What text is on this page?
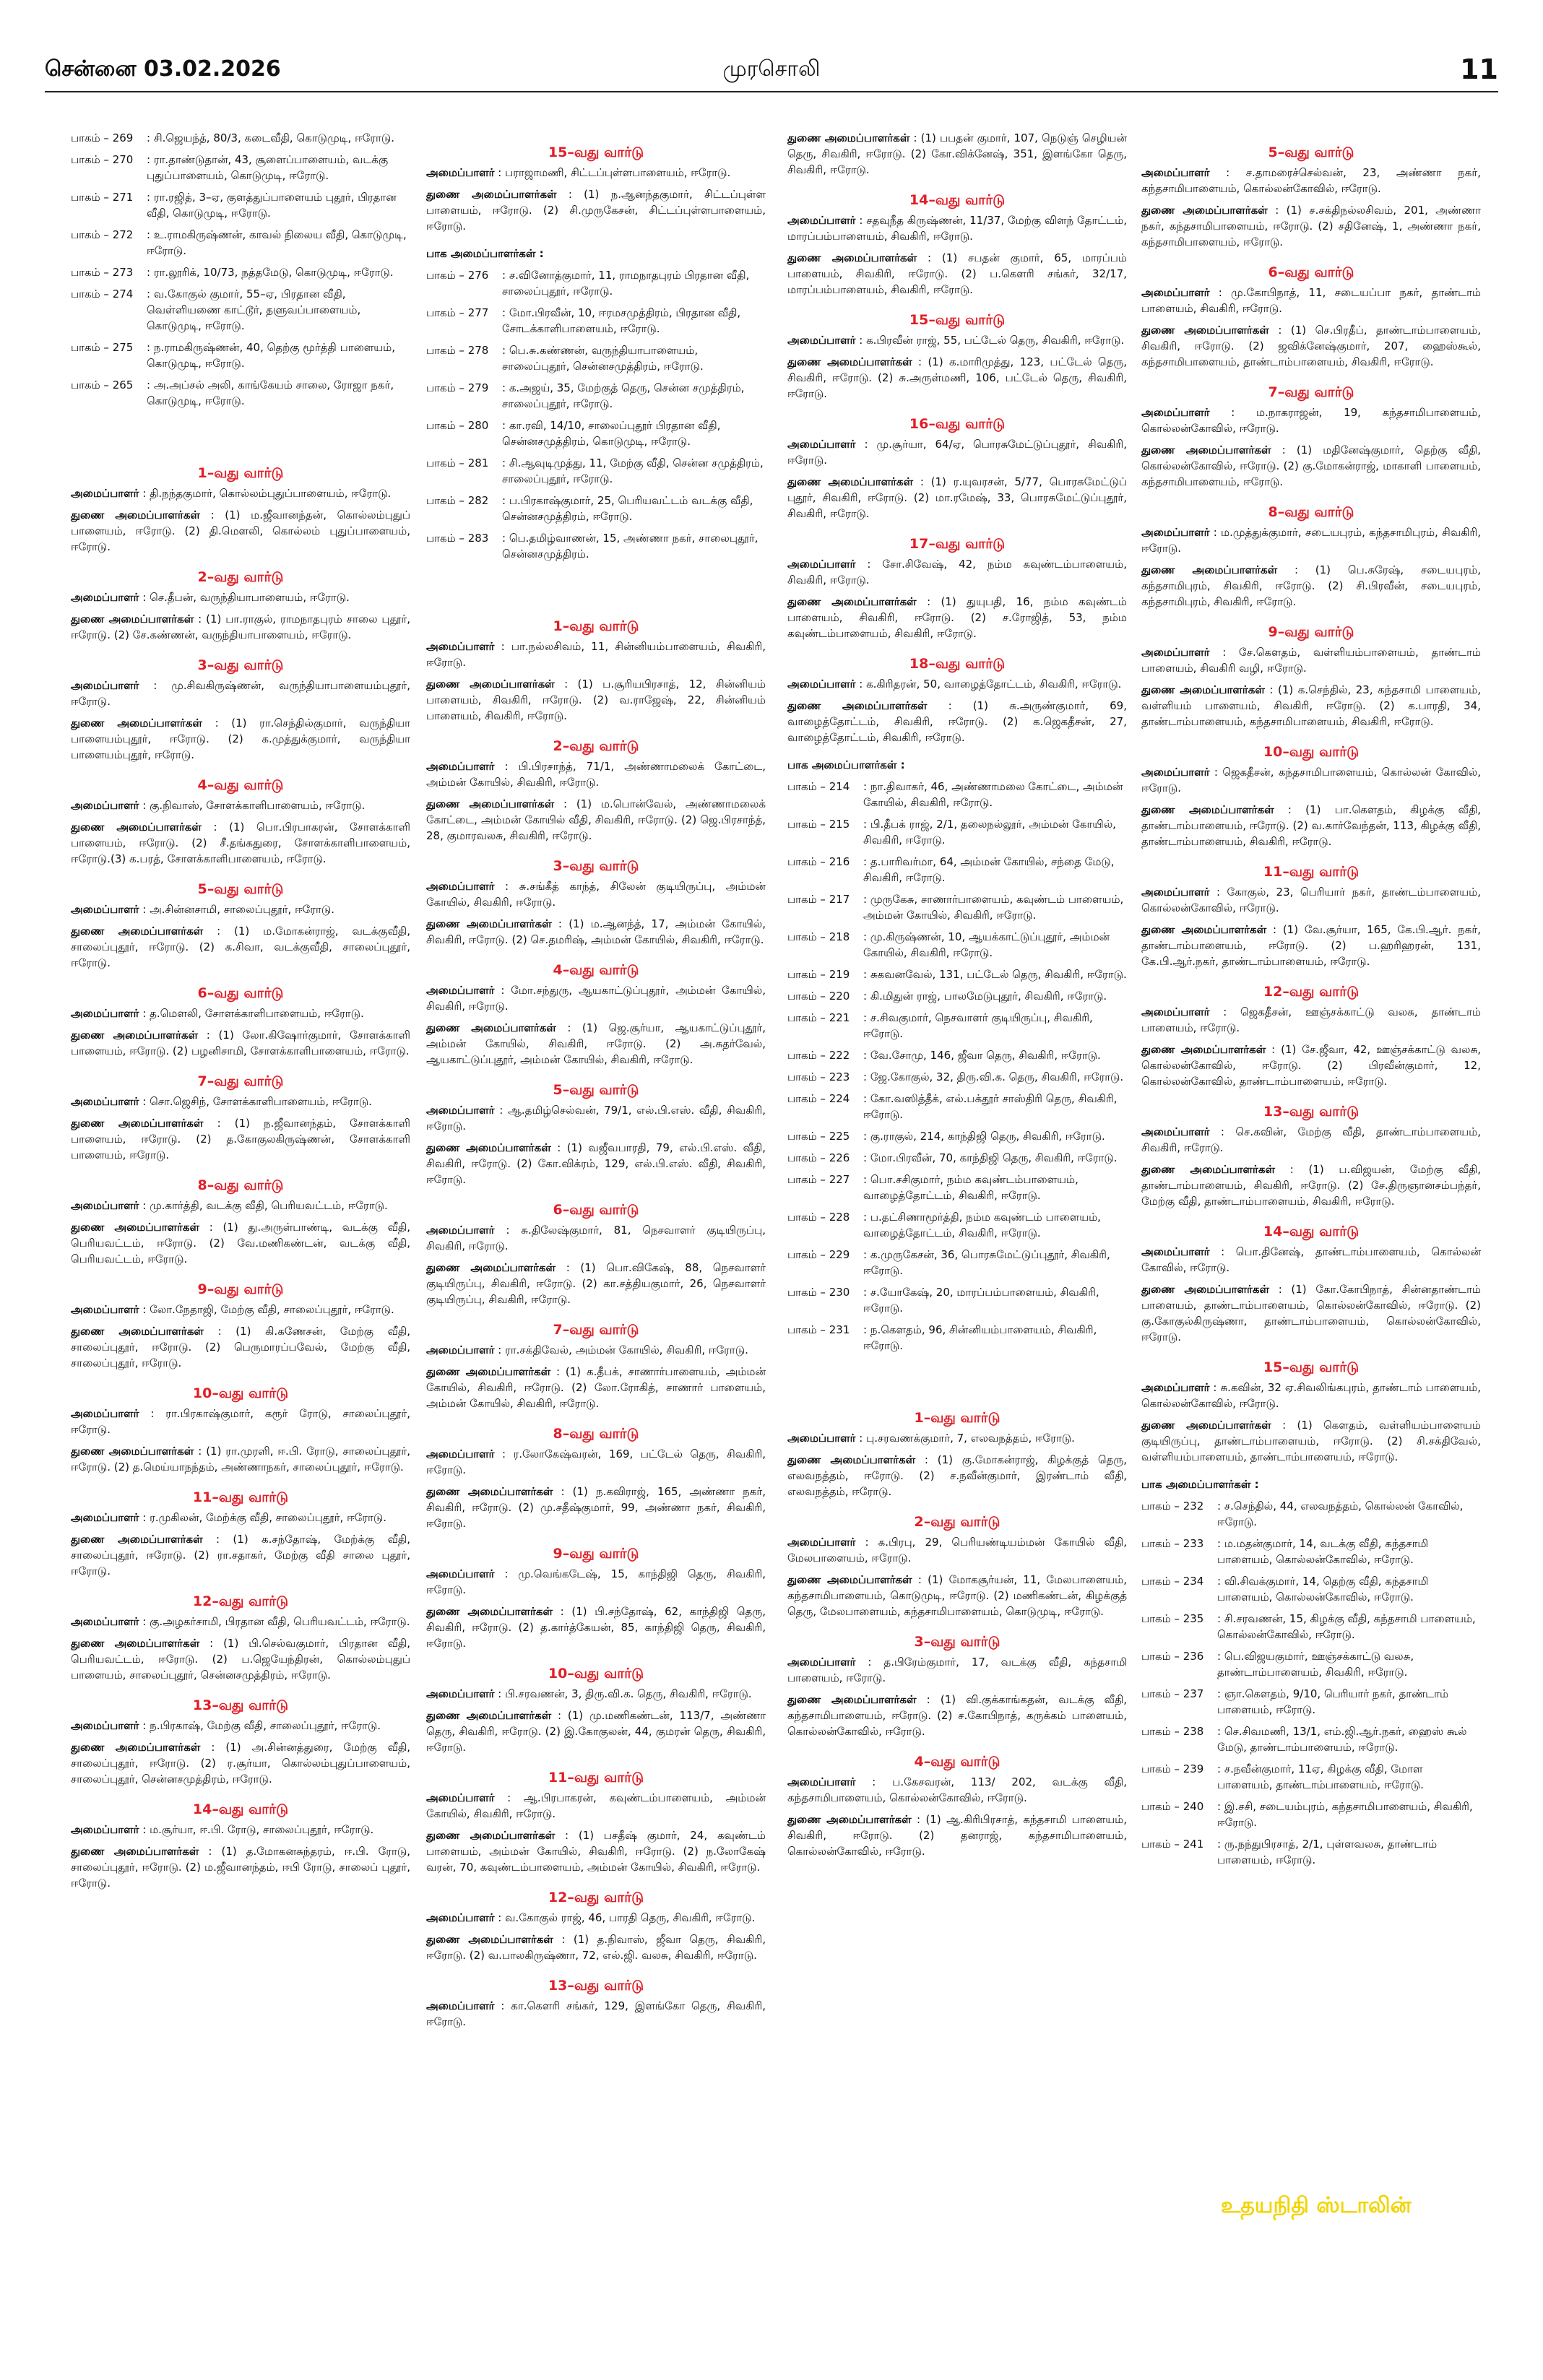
சென்னை 03.02.2026	முரசொலி	11
பாகம் – 269	: சி.ஜெயந்த், 80/3, கடைவீதி, கொடுமுடி, ஈரோடு.
பாகம் – 270	: ரா.தாண்டுதான், 43, சூளைப்பாளையம், வடக்கு புதுப்பாளையம், கொடுமுடி, ஈரோடு.
பாகம் – 271	: ரா.ரஜித், 3–ஏ, குளத்துப்பாளையம் புதூர், பிரதான வீதி, கொடுமுடி, ஈரோடு.
பாகம் – 272	: உ.ராமகிருஷ்ணன், காவல் நிலைய வீதி, கொடுமுடி, ஈரோடு.
பாகம் – 273	: ரா.லூரிக், 10/73, நத்தமேடு, கொடுமுடி, ஈரோடு.
பாகம் – 274	: வ.கோகுல் குமார், 55–ஏ, பிரதான வீதி, வெள்ளியணை காட்டூர், தளுவப்பாளையம், கொடுமுடி, ஈரோடு.
பாகம் – 275	: ந.ராமகிருஷ்ணன், 40, தெற்கு மூர்த்தி பாளையம், கொடுமுடி, ஈரோடு.
பாகம் – 265	: அ.அப்சல் அலி, காங்கேயம் சாலை, ரோஜா நகர், கொடுமுடி, ஈரோடு.
1–வது வார்டு

அமைப்பாளர் : தி.நந்தகுமார், கொல்லம்புதுப்பாளையம், ஈரோடு.

துணை அமைப்பாளர்கள் : (1) ம.ஜீவானந்தன், கொல்லம்புதுப் பாளையம், ஈரோடு. (2) தி.மௌலி, கொல்லம் புதுப்பாளையம், ஈரோடு.

2–வது வார்டு

அமைப்பாளர் : செ.தீபன், வருந்தியாபாளையம், ஈரோடு.

துணை அமைப்பாளர்கள் : (1) பா.ராகுல், ராமநாதபுரம் சாலை புதூர், ஈரோடு. (2) சே.கண்ணன், வருந்தியாபாளையம், ஈரோடு.

3–வது வார்டு

அமைப்பாளர் : மு.சிவகிருஷ்ணன், வருந்தியாபாளையம்புதூர், ஈரோடு.

துணை அமைப்பாளர்கள் : (1) ரா.செந்தில்குமார், வருந்தியா பாளையம்புதூர், ஈரோடு. (2) க.முத்துக்குமார், வருந்தியா பாளையம்புதூர், ஈரோடு.

4–வது வார்டு

அமைப்பாளர் : கு.நிவாஸ், சோளக்காளிபாளையம், ஈரோடு.

துணை அமைப்பாளர்கள் : (1) பொ.பிரபாகரன், சோளக்காளி பாளையம், ஈரோடு. (2) சீ.தங்கதுரை, சோளக்காளிபாளையம், ஈரோடு.(3) க.பரத், சோளக்காளிபாளையம், ஈரோடு.

5–வது வார்டு

அமைப்பாளர் : அ.சின்னசாமி, சாலைப்புதூர், ஈரோடு.

துணை அமைப்பாளர்கள் : (1) ம.மோகன்ராஜ், வடக்குவீதி, சாலைப்புதூர், ஈரோடு. (2) க.சிவா, வடக்குவீதி, சாலைப்புதூர், ஈரோடு.

6–வது வார்டு

அமைப்பாளர் : த.மௌலி, சோளக்காளிபாளையம், ஈரோடு.

துணை அமைப்பாளர்கள் : (1) லோ.கிஷோர்குமார், சோளக்காளி பாளையம், ஈரோடு. (2) பழனிசாமி, சோளக்காளிபாளையம், ஈரோடு.

7–வது வார்டு

அமைப்பாளர் : சொ.ஜெசிந், சோளக்காளிபாளையம், ஈரோடு.

துணை அமைப்பாளர்கள் : (1) ந.ஜீவானந்தம், சோளக்காளி பாளையம், ஈரோடு. (2) த.கோகுலகிருஷ்ணன், சோளக்காளி பாளையம், ஈரோடு.

8–வது வார்டு

அமைப்பாளர் : மு.கார்த்தி, வடக்கு வீதி, பெரியவட்டம், ஈரோடு.

துணை அமைப்பாளர்கள் : (1) து.அருள்பாண்டி, வடக்கு வீதி, பெரியவட்டம், ஈரோடு. (2) வே.மணிகண்டன், வடக்கு வீதி, பெரியவட்டம், ஈரோடு.

9–வது வார்டு

அமைப்பாளர் : லோ.நேதாஜி, மேற்கு வீதி, சாலைப்புதூர், ஈரோடு.

துணை அமைப்பாளர்கள் : (1) கி.கணேசன், மேற்கு வீதி, சாலைப்புதூர், ஈரோடு. (2) பெருமாரப்பவேல், மேற்கு வீதி, சாலைப்புதூர், ஈரோடு.

10–வது வார்டு

அமைப்பாளர் : ரா.பிரகாஷ்குமார், கரூர் ரோடு, சாலைப்புதூர், ஈரோடு.

துணை அமைப்பாளர்கள் : (1) ரா.முரளி, ஈ.பி. ரோடு, சாலைப்புதூர், ஈரோடு. (2) த.மெய்யாநந்தம், அண்ணாநகர், சாலைப்புதூர், ஈரோடு.

11–வது வார்டு

அமைப்பாளர் : ர.முகிலன், மேற்க்கு வீதி, சாலைப்புதூர், ஈரோடு.

துணை அமைப்பாளர்கள் : (1) க.சந்தோஷ், மேற்க்கு வீதி, சாலைப்புதூர், ஈரோடு. (2) ரா.சதாகர், மேற்கு வீதி சாலை புதூர், ஈரோடு.

12–வது வார்டு

அமைப்பாளர் : கு.அழகர்சாமி, பிரதான வீதி, பெரியவட்டம், ஈரோடு.

துணை அமைப்பாளர்கள் : (1) பி.செல்வகுமார், பிரதான வீதி, பெரியவட்டம், ஈரோடு. (2) ப.ஜெயேந்திரன், கொல்லம்புதுப் பாளையம், சாலைப்புதூர், சென்னசமுத்திரம், ஈரோடு.

13–வது வார்டு

அமைப்பாளர் : ந.பிரகாஷ், மேற்கு வீதி, சாலைப்புதூர், ஈரோடு.

துணை அமைப்பாளர்கள் : (1) அ.சின்னத்துரை, மேற்கு வீதி, சாலைப்புதூர், ஈரோடு. (2) ர.சூர்யா, கொல்லம்புதுப்பாளையம், சாலைப்புதூர், சென்னசமுத்திரம், ஈரோடு.

14–வது வார்டு

அமைப்பாளர் : ம.சூர்யா, ஈ.பி. ரோடு, சாலைப்புதூர், ஈரோடு.

துணை அமைப்பாளர்கள் : (1) த.மோகனசுந்தரம், ஈ.பி. ரோடு, சாலைப்புதூர், ஈரோடு. (2) ம.ஜீவானந்தம், ஈபி ரோடு, சாலைப் புதூர், ஈரோடு.

15–வது வார்டு

அமைப்பாளர் : பராஜாமணி, சிட்டப்புள்ளபாளையம், ஈரோடு.

துணை அமைப்பாளர்கள் : (1) ந.ஆனந்தகுமார், சிட்டப்புள்ள பாளையம், ஈரோடு. (2) சி.முருகேசன், சிட்டப்புள்ளபாளையம், ஈரோடு.

பாக அமைப்பாளர்கள் :
பாகம் – 276	: ச.வினோத்குமார், 11, ராமநாதபுரம் பிரதான வீதி, சாலைப்புதூர், ஈரோடு.
பாகம் – 277	: மோ.பிரவீன், 10, ஈரமசமுத்திரம், பிரதான வீதி, சோடக்காளிபாளையம், ஈரோடு.
பாகம் – 278	: பெ.சு.கண்ணன், வருந்தியாபாளையம், சாலைப்புதூர், சென்னசமுத்திரம், ஈரோடு.
பாகம் – 279	: க.அஜய், 35, மேற்குத் தெரு, சென்ன சமுத்திரம், சாலைப்புதூர், ஈரோடு.
பாகம் – 280	: கா.ரவி, 14/10, சாலைப்புதூர் பிரதான வீதி, சென்னசமுத்திரம், கொடுமுடி, ஈரோடு.
பாகம் – 281	: சி.ஆவுடிமுத்து, 11, மேற்கு வீதி, சென்ன சமுத்திரம், சாலைப்புதூர், ஈரோடு.
பாகம் – 282	: ப.பிரகாஷ்குமார், 25, பெரியவட்டம் வடக்கு வீதி, சென்னசமுத்திரம், ஈரோடு.
பாகம் – 283	: பெ.தமிழ்வாணன், 15, அண்ணா நகர், சாலைபுதூர், சென்னசமுத்திரம்.
1–வது வார்டு

அமைப்பாளர் : பா.நல்லசிவம், 11, சின்னியம்பாளையம், சிவகிரி, ஈரோடு.

துணை அமைப்பாளர்கள் : (1) ப.சூரியபிரசாத், 12, சின்னியம் பாளையம், சிவகிரி, ஈரோடு. (2) வ.ராஜேஷ், 22, சின்னியம் பாளையம், சிவகிரி, ஈரோடு.

2–வது வார்டு

அமைப்பாளர் : பி.பிரசாந்த், 71/1, அண்ணாமலைக் கோட்டை, அம்மன் கோயில், சிவகிரி, ஈரோடு.

துணை அமைப்பாளர்கள் : (1) ம.பொன்வேல், அண்ணாமலைக் கோட்டை, அம்மன் கோயில் வீதி, சிவகிரி, ஈரோடு. (2) ஜெ.பிரசாந்த், 28, குமாரவலசு, சிவகிரி, ஈரோடு.

3–வது வார்டு

அமைப்பாளர் : சு.சங்கீத் காந்த், சிலேன் குடியிருப்பு, அம்மன் கோயில், சிவகிரி, ஈரோடு.

துணை அமைப்பாளர்கள் : (1) ம.ஆனந்த், 17, அம்மன் கோயில், சிவகிரி, ஈரோடு. (2) செ.தமரிஷ், அம்மன் கோயில், சிவகிரி, ஈரோடு.

4–வது வார்டு

அமைப்பாளர் : மோ.சந்துரு, ஆயகாட்டுப்புதூர், அம்மன் கோயில், சிவகிரி, ஈரோடு.

துணை அமைப்பாளர்கள் : (1) ஜெ.சூர்யா, ஆயகாட்டுப்புதூர், அம்மன் கோயில், சிவகிரி, ஈரோடு. (2) அ.சுதர்வேல், ஆயகாட்டுப்புதூர், அம்மன் கோயில், சிவகிரி, ஈரோடு.

5–வது வார்டு

அமைப்பாளர் : ஆ.தமிழ்செல்வன், 79/1, எல்.பி.எஸ். வீதி, சிவகிரி, ஈரோடு.

துணை அமைப்பாளர்கள் : (1) வஜீவபாரதி, 79, எல்.பி.எஸ். வீதி, சிவகிரி, ஈரோடு. (2) கோ.விக்ரம், 129, எல்.பி.எஸ். வீதி, சிவகிரி, ஈரோடு.

6–வது வார்டு

அமைப்பாளர் : சு.திலேஷ்குமார், 81, நெசவாளர் குடியிருப்பு, சிவகிரி, ஈரோடு.

துணை அமைப்பாளர்கள் : (1) பொ.விகேஷ், 88, நெசவாளர் குடியிருப்பு, சிவகிரி, ஈரோடு. (2) கா.சத்தியகுமார், 26, நெசவாளர் குடியிருப்பு, சிவகிரி, ஈரோடு.

7–வது வார்டு

அமைப்பாளர் : ரா.சக்திவேல், அம்மன் கோயில், சிவகிரி, ஈரோடு.

துணை அமைப்பாளர்கள் : (1) க.தீபக், சாணார்பாளையம், அம்மன் கோயில், சிவகிரி, ஈரோடு. (2) லோ.ரோகித், சாணார் பாளையம், அம்மன் கோயில், சிவகிரி, ஈரோடு.

8–வது வார்டு

அமைப்பாளர் : ர.லோகேஷ்வரன், 169, பட்டேல் தெரு, சிவகிரி, ஈரோடு.

துணை அமைப்பாளர்கள் : (1) ந.கவிராஜ், 165, அண்ணா நகர், சிவகிரி, ஈரோடு. (2) மு.சதீஷ்குமார், 99, அண்ணா நகர், சிவகிரி, ஈரோடு.

9–வது வார்டு

அமைப்பாளர் : மு.வெங்கடேஷ், 15, காந்திஜி தெரு, சிவகிரி, ஈரோடு.

துணை அமைப்பாளர்கள் : (1) பி.சந்தோஷ், 62, காந்திஜி தெரு, சிவகிரி, ஈரோடு. (2) த.கார்த்கேயன், 85, காந்திஜி தெரு, சிவகிரி, ஈரோடு.

10–வது வார்டு

அமைப்பாளர் : பி.சரவணன், 3, திரு.வி.க. தெரு, சிவகிரி, ஈரோடு.

துணை அமைப்பாளர்கள் : (1) மு.மணிகண்டன், 113/7, அண்ணா தெரு, சிவகிரி, ஈரோடு. (2) இ.கோகுலன், 44, குமரன் தெரு, சிவகிரி, ஈரோடு.

11–வது வார்டு

அமைப்பாளர் : ஆ.பிரபாகரன், கவுண்டம்பாளையம், அம்மன் கோயில், சிவகிரி, ஈரோடு.

துணை அமைப்பாளர்கள் : (1) பசதீஷ் குமார், 24, கவுண்டம் பாளையம், அம்மன் கோயில், சிவகிரி, ஈரோடு. (2) ந.லோகேஷ் வரன், 70, கவுண்டம்பாளையம், அம்மன் கோயில், சிவகிரி, ஈரோடு.

12–வது வார்டு

அமைப்பாளர் : வ.கோகுல் ராஜ், 46, பாரதி தெரு, சிவகிரி, ஈரோடு.

துணை அமைப்பாளர்கள் : (1) த.நிவாஸ், ஜீவா தெரு, சிவகிரி, ஈரோடு. (2) வ.பாலகிருஷ்ணா, 72, எல்.ஜி. வலசு, சிவகிரி, ஈரோடு.

13–வது வார்டு

அமைப்பாளர் : கா.கௌரி சங்கர், 129, இளங்கோ தெரு, சிவகிரி, ஈரோடு.

துணை அமைப்பாளர்கள் : (1) பபதன் குமார், 107, நெடுஞ் செழியன் தெரு, சிவகிரி, ஈரோடு. (2) கோ.விக்னேஷ், 351, இளங்கோ தெரு, சிவகிரி, ஈரோடு.

14–வது வார்டு

அமைப்பாளர் : சதவுநீத கிருஷ்ணன், 11/37, மேற்கு விளந் தோட்டம், மாரப்பம்பாளையம், சிவகிரி, ஈரோடு.

துணை அமைப்பாளர்கள் : (1) சபதன் குமார், 65, மாரப்பம் பாளையம், சிவகிரி, ஈரோடு. (2) ப.கௌரி சங்கர், 32/17, மாரப்பம்பாளையம், சிவகிரி, ஈரோடு.

15–வது வார்டு

அமைப்பாளர் : க.பிரவீன் ராஜ், 55, பட்டேல் தெரு, சிவகிரி, ஈரோடு.

துணை அமைப்பாளர்கள் : (1) க.மாரிமுத்து, 123, பட்டேல் தெரு, சிவகிரி, ஈரோடு. (2) சு.அருள்மணி, 106, பட்டேல் தெரு, சிவகிரி, ஈரோடு.

16–வது வார்டு

அமைப்பாளர் : மு.சூர்யா, 64/ஏ, பொரசுமேட்டுப்புதூர், சிவகிரி, ஈரோடு.

துணை அமைப்பாளர்கள் : (1) ர.யுவரசன், 5/77, பொரசுமேட்டுப் புதூர், சிவகிரி, ஈரோடு. (2) மா.ரமேஷ், 33, பொரசுமேட்டுப்புதூர், சிவகிரி, ஈரோடு.

17–வது வார்டு

அமைப்பாளர் : சோ.சிவேஷ், 42, நம்ம கவுண்டம்பாளையம், சிவகிரி, ஈரோடு.

துணை அமைப்பாளர்கள் : (1) துயுபதி, 16, நம்ம கவுண்டம் பாளையம், சிவகிரி, ஈரோடு. (2) ச.ரோஜித், 53, நம்ம கவுண்டம்பாளையம், சிவகிரி, ஈரோடு.

18–வது வார்டு

அமைப்பாளர் : க.கிரிதரன், 50, வாழைத்தோட்டம், சிவகிரி, ஈரோடு.

துணை அமைப்பாளர்கள் : (1) சு.அருண்குமார், 69, வாழைத்தோட்டம், சிவகிரி, ஈரோடு. (2) க.ஜெகதீசன், 27, வாழைத்தோட்டம், சிவகிரி, ஈரோடு.

பாக அமைப்பாளர்கள் :
பாகம் – 214	: நா.திவாகர், 46, அண்ணாமலை கோட்டை, அம்மன் கோயில், சிவகிரி, ஈரோடு.
பாகம் – 215	: பி.தீபக் ராஜ், 2/1, தலைநல்லூர், அம்மன் கோயில், சிவகிரி, ஈரோடு.
பாகம் – 216	: த.பாரிவர்மா, 64, அம்மன் கோயில், சந்தை மேடு, சிவகிரி, ஈரோடு.
பாகம் – 217	: முருகேசு, சாணார்பாளையம், கவுண்டம் பாளையம், அம்மன் கோயில், சிவகிரி, ஈரோடு.
பாகம் – 218	: மு.கிருஷ்ணன், 10, ஆயக்காட்டுப்புதூர், அம்மன் கோயில், சிவகிரி, ஈரோடு.
பாகம் – 219	: சுகவனவேல், 131, பட்டேல் தெரு, சிவகிரி, ஈரோடு.
பாகம் – 220	: கி.மிதுன் ராஜ், பாலமேடுபுதூர், சிவகிரி, ஈரோடு.
பாகம் – 221	: ச.சிவகுமார், நெசவாளர் குடியிருப்பு, சிவகிரி, ஈரோடு.
பாகம் – 222	: வே.சோமு, 146, ஜீவா தெரு, சிவகிரி, ஈரோடு.
பாகம் – 223	: ஜே.கோகுல், 32, திரு.வி.க. தெரு, சிவகிரி, ஈரோடு.
பாகம் – 224	: கோ.வஸித்தீக், எல்.பக்தூர் சாஸ்திரி தெரு, சிவகிரி, ஈரோடு.
பாகம் – 225	: கு.ராகுல், 214, காந்திஜி தெரு, சிவகிரி, ஈரோடு.
பாகம் – 226	: மோ.பிரவீன், 70, காந்திஜி தெரு, சிவகிரி, ஈரோடு.
பாகம் – 227	: பொ.சசிகுமார், நம்ம கவுண்டம்பாளையம், வாழைத்தோட்டம், சிவகிரி, ஈரோடு.
பாகம் – 228	: ப.தட்சிணாமூர்த்தி, நம்ம கவுண்டம் பாளையம், வாழைத்தோட்டம், சிவகிரி, ஈரோடு.
பாகம் – 229	: க.முருகேசன், 36, பொரசுமேட்டுப்புதூர், சிவகிரி, ஈரோடு.
பாகம் – 230	: ச.யோகேஷ், 20, மாரப்பம்பாளையம், சிவகிரி, ஈரோடு.
பாகம் – 231	: ந.கௌதம், 96, சின்னியம்பாளையம், சிவகிரி, ஈரோடு.
1–வது வார்டு

அமைப்பாளர் : பு.சரவணக்குமார், 7, எலவநத்தம், ஈரோடு.

துணை அமைப்பாளர்கள் : (1) கு.மோகன்ராஜ், கிழக்குத் தெரு, எலவநத்தம், ஈரோடு. (2) ச.நவீன்குமார், இரண்டாம் வீதி, எலவநத்தம், ஈரோடு.

2–வது வார்டு

அமைப்பாளர் : க.பிரபு, 29, பெரியண்டியம்மன் கோயில் வீதி, மேலபாளையம், ஈரோடு.

துணை அமைப்பாளர்கள் : (1) மோகசூர்யன், 11, மேலபாளையம், கந்தசாமிபாளையம், கொடுமுடி, ஈரோடு. (2) மணிகண்டன், கிழக்குத் தெரு, மேலபாளையம், கந்தசாமிபாளையம், கொடுமுடி, ஈரோடு.

3–வது வார்டு

அமைப்பாளர் : த.பிரேம்குமார், 17, வடக்கு வீதி, கந்தசாமி பாளையம், ஈரோடு.

துணை அமைப்பாளர்கள் : (1) வி.குக்காங்கதன், வடக்கு வீதி, கந்தசாமிபாளையம், ஈரோடு. (2) ச.கோபிநாத், கருக்கம் பாளையம், கொல்லன்கோவில், ஈரோடு.

4–வது வார்டு

அமைப்பாளர் : ப.கேசவரன், 113/ 202, வடக்கு வீதி, கந்தசாமிபாளையம், கொல்லன்கோவில், ஈரோடு.

துணை அமைப்பாளர்கள் : (1) ஆ.கிரிபிரசாத், கந்தசாமி பாளையம், சிவகிரி, ஈரோடு. (2) தனராஜ், கந்தசாமிபாளையம், கொல்லன்கோவில், ஈரோடு.

5–வது வார்டு

அமைப்பாளர் : ச.தாமரைச்செல்வன், 23, அண்ணா நகர், கந்தசாமிபாளையம், கொல்லன்கோவில், ஈரோடு.

துணை அமைப்பாளர்கள் : (1) ச.சக்திநல்லசிவம், 201, அண்ணா நகர், கந்தசாமிபாளையம், ஈரோடு. (2) சதினேஷ், 1, அண்ணா நகர், கந்தசாமிபாளையம், ஈரோடு.

6–வது வார்டு

அமைப்பாளர் : மு.கோபிநாத், 11, சடையப்பா நகர், தாண்டாம் பாளையம், சிவகிரி, ஈரோடு.

துணை அமைப்பாளர்கள் : (1) செ.பிரதீப், தாண்டாம்பாளையம், சிவகிரி, ஈரோடு. (2) ஜவிக்னேஷ்குமார், 207, ஹைஸ்கூல், கந்தசாமிபாளையம், தாண்டாம்பாளையம், சிவகிரி, ஈரோடு.

7–வது வார்டு

அமைப்பாளர் : ம.நாகராஜன், 19, கந்தசாமிபாளையம், கொல்லன்கோவில், ஈரோடு.

துணை அமைப்பாளர்கள் : (1) மதினேஷ்குமார், தெற்கு வீதி, கொல்லன்கோவில், ஈரோடு. (2) கு.மோகன்ராஜ், மாகாளி பாளையம், கந்தசாமிபாளையம், ஈரோடு.

8–வது வார்டு

அமைப்பாளர் : ம.முத்துக்குமார், சடையபுரம், கந்தசாமிபுரம், சிவகிரி, ஈரோடு.

துணை அமைப்பாளர்கள் : (1) பெ.சுரேஷ், சடையபுரம், கந்தசாமிபுரம், சிவகிரி, ஈரோடு. (2) சி.பிரவீன், சடையபுரம், கந்தசாமிபுரம், சிவகிரி, ஈரோடு.

9–வது வார்டு

அமைப்பாளர் : சே.கௌதம், வள்ளியம்பாளையம், தாண்டாம் பாளையம், சிவகிரி வழி, ஈரோடு.

துணை அமைப்பாளர்கள் : (1) க.செந்தில், 23, கந்தசாமி பாளையம், வள்ளியம் பாளையம், சிவகிரி, ஈரோடு. (2) க.பாரதி, 34, தாண்டாம்பாளையம், கந்தசாமிபாளையம், சிவகிரி, ஈரோடு.

10–வது வார்டு

அமைப்பாளர் : ஜெகதீசன், கந்தசாமிபாளையம், கொல்லன் கோவில், ஈரோடு.

துணை அமைப்பாளர்கள் : (1) பா.கௌதம், கிழக்கு வீதி, தாண்டாம்பாளையம், ஈரோடு. (2) வ.கார்வேந்தன், 113, கிழக்கு வீதி, தாண்டாம்பாளையம், சிவகிரி, ஈரோடு.

11–வது வார்டு

அமைப்பாளர் : கோகுல், 23, பெரியார் நகர், தாண்டம்பாளையம், கொல்லன்கோவில், ஈரோடு.

துணை அமைப்பாளர்கள் : (1) வே.சூர்யா, 165, கே.பி.ஆர். நகர், தாண்டாம்பாளையம், ஈரோடு. (2) ப.ஹரிஹரன், 131, கே.பி.ஆர்.நகர், தாண்டாம்பாளையம், ஈரோடு.

12–வது வார்டு

அமைப்பாளர் : ஜெகதீசன், ஊஞ்சக்காட்டு வலசு, தாண்டாம் பாளையம், ஈரோடு.

துணை அமைப்பாளர்கள் : (1) சே.ஜீவா, 42, ஊஞ்சக்காட்டு வலசு, கொல்லன்கோவில், ஈரோடு. (2) பிரவீன்குமார், 12, கொல்லன்கோவில், தாண்டாம்பாளையம், ஈரோடு.

13–வது வார்டு

அமைப்பாளர் : செ.கவின், மேற்கு வீதி, தாண்டாம்பாளையம், சிவகிரி, ஈரோடு.

துணை அமைப்பாளர்கள் : (1) ப.விஜயன், மேற்கு வீதி, தாண்டாம்பாளையம், சிவகிரி, ஈரோடு. (2) சே.திருஞானசம்பந்தர், மேற்கு வீதி, தாண்டாம்பாளையம், சிவகிரி, ஈரோடு.

14–வது வார்டு

அமைப்பாளர் : பொ.தினேஷ், தாண்டாம்பாளையம், கொல்லன் கோவில், ஈரோடு.

துணை அமைப்பாளர்கள் : (1) கோ.கோபிநாத், சின்னதாண்டாம் பாளையம், தாண்டாம்பாளையம், கொல்லன்கோவில், ஈரோடு. (2) கு.கோகுல்கிருஷ்ணா, தாண்டாம்பாளையம், கொல்லன்கோவில், ஈரோடு.

15–வது வார்டு

அமைப்பாளர் : சு.கவின், 32 ஏ.சிவலிங்கபுரம், தாண்டாம் பாளையம், கொல்லன்கோவில், ஈரோடு.

துணை அமைப்பாளர்கள் : (1) கௌதம், வள்ளியம்பாளையம் குடியிருப்பு, தாண்டாம்பாளையம், ஈரோடு. (2) சி.சக்திவேல், வள்ளியம்பாளையம், தாண்டாம்பாளையம், ஈரோடு.

பாக அமைப்பாளர்கள் :
பாகம் – 232	: ச.செந்தில், 44, எலவநத்தம், கொல்லன் கோவில், ஈரோடு.
பாகம் – 233	: ம.மதன்குமார், 14, வடக்கு வீதி, கந்தசாமி பாளையம், கொல்லன்கோவில், ஈரோடு.
பாகம் – 234	: வி.சிவக்குமார், 14, தெற்கு வீதி, கந்தசாமி பாளையம், கொல்லன்கோவில், ஈரோடு.
பாகம் – 235	: சி.சரவணன், 15, கிழக்கு வீதி, கந்தசாமி பாளையம், கொல்லன்கோவில், ஈரோடு.
பாகம் – 236	: பெ.விஜயகுமார், ஊஞ்சக்காட்டு வலசு, தாண்டாம்பாளையம், சிவகிரி, ஈரோடு.
பாகம் – 237	: ஞா.கௌதம், 9/10, பெரியார் நகர், தாண்டாம் பாளையம், ஈரோடு.
பாகம் – 238	: செ.சிவமணி, 13/1, எம்.ஜி.ஆர்.நகர், ஹைஸ் கூல் மேடு, தாண்டாம்பாளையம், ஈரோடு.
பாகம் – 239	: ச.நவீன்குமார், 11ஏ, கிழக்கு வீதி, மோள பாளையம், தாண்டாம்பாளையம், ஈரோடு.
பாகம் – 240	: இ.சசி, சடையம்புரம், கந்தசாமிபாளையம், சிவகிரி, ஈரோடு.
பாகம் – 241	: ரு.நந்துபிரசாத், 2/1, புள்ளவலசு, தாண்டாம் பாளையம், ஈரோடு.
உதயநிதி ஸ்டாலின்
